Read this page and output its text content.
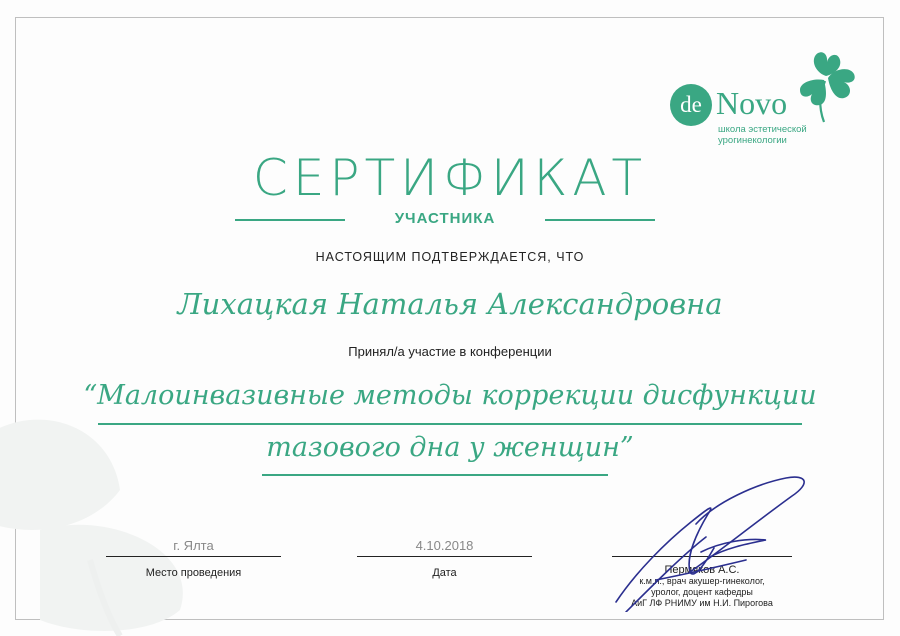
de Novo
школа эстетической урогинекологии
СЕРТИФИКАТ
УЧАСТНИКА
НАСТОЯЩИМ ПОДТВЕРЖДАЕТСЯ, ЧТО
Лихацкая Наталья Александровна
Принял/а участие в конференции
“Малоинвазивные методы коррекции дисфункции
тазового дна у женщин”
г. Ялта
Место проведения
4.10.2018
Дата	Пермяков А.С.
к.м.н., врач акушер-гинеколог,
уролог, доцент кафедры
АиГ ЛФ РНИМУ им Н.И. Пирогова
